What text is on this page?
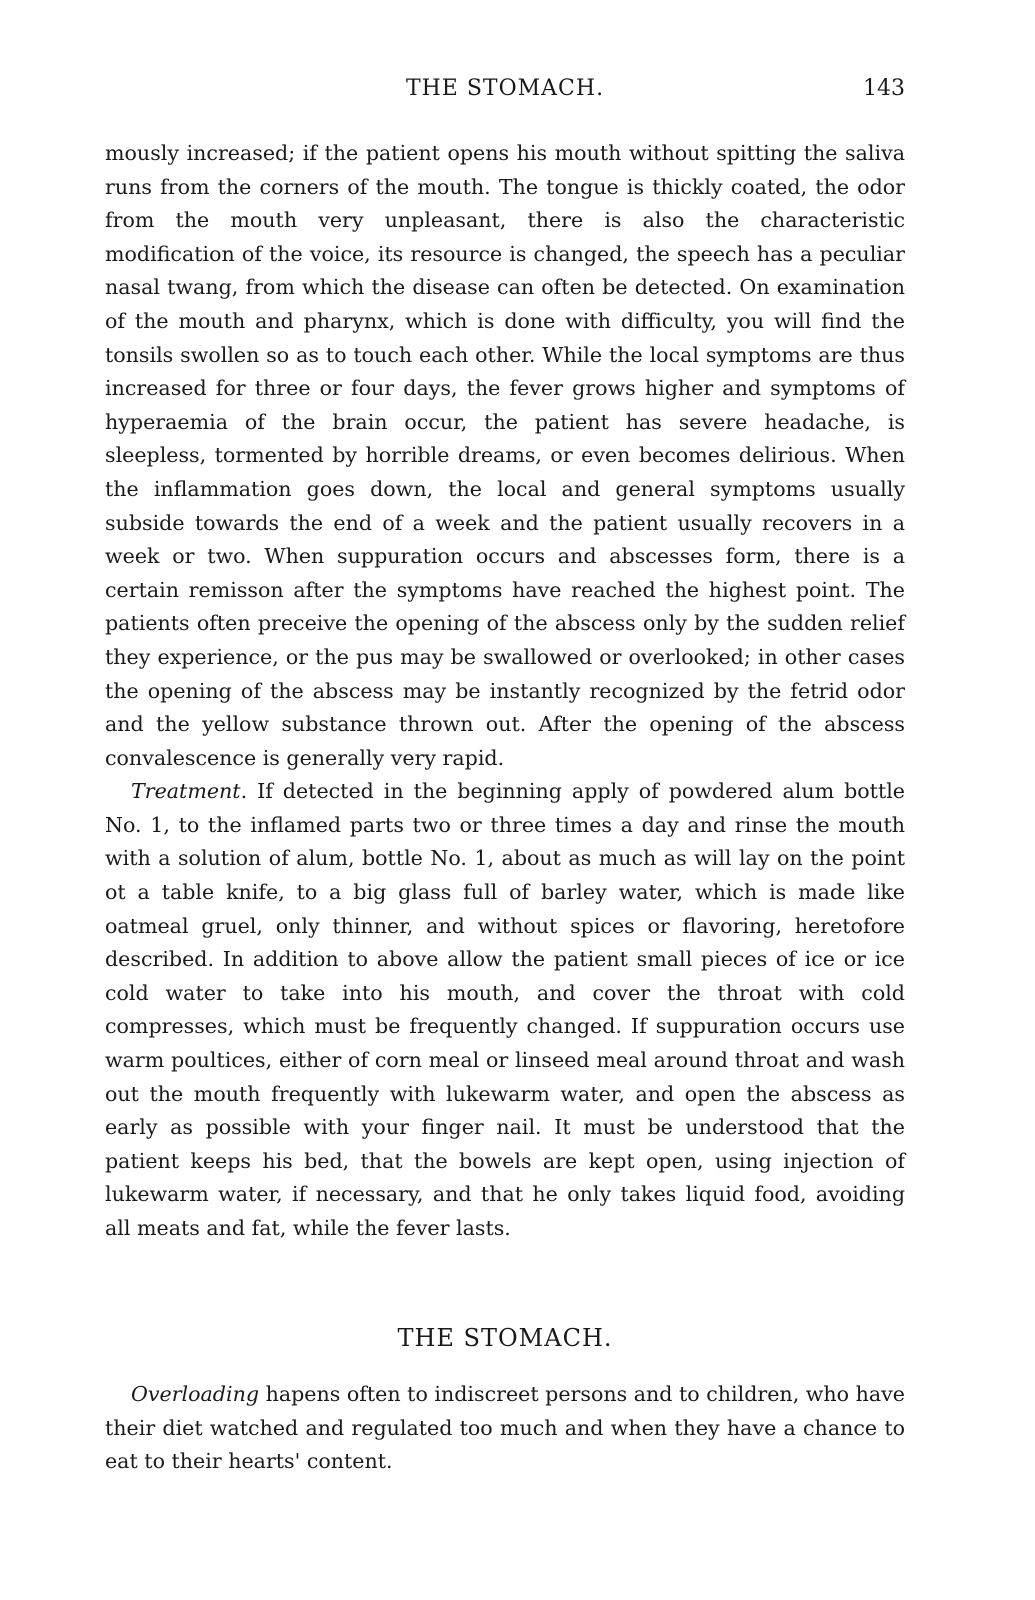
THE STOMACH.	143

mously increased; if the patient opens his mouth without spitting the saliva runs from the corners of the mouth. The tongue is thickly coated, the odor from the mouth very unpleasant, there is also the characteristic modification of the voice, its resource is changed, the speech has a peculiar nasal twang, from which the disease can often be detected. On examination of the mouth and pharynx, which is done with difficulty, you will find the tonsils swollen so as to touch each other. While the local symptoms are thus increased for three or four days, the fever grows higher and symptoms of hyperaemia of the brain occur, the patient has severe headache, is sleepless, tormented by horrible dreams, or even becomes delirious. When the inflammation goes down, the local and general symptoms usually subside towards the end of a week and the patient usually recovers in a week or two. When suppuration occurs and abscesses form, there is a certain remisson after the symptoms have reached the highest point. The patients often preceive the opening of the abscess only by the sudden relief they experience, or the pus may be swallowed or overlooked; in other cases the opening of the abscess may be instantly recognized by the fetrid odor and the yellow substance thrown out. After the opening of the abscess convalescence is generally very rapid.

Treatment. If detected in the beginning apply of powdered alum bottle No. 1, to the inflamed parts two or three times a day and rinse the mouth with a solution of alum, bottle No. 1, about as much as will lay on the point ot a table knife, to a big glass full of barley water, which is made like oatmeal gruel, only thinner, and without spices or flavoring, heretofore described. In addition to above allow the patient small pieces of ice or ice cold water to take into his mouth, and cover the throat with cold compresses, which must be frequently changed. If suppuration occurs use warm poultices, either of corn meal or linseed meal around throat and wash out the mouth frequently with lukewarm water, and open the abscess as early as possible with your finger nail. It must be understood that the patient keeps his bed, that the bowels are kept open, using injection of lukewarm water, if necessary, and that he only takes liquid food, avoiding all meats and fat, while the fever lasts.

THE STOMACH.

Overloading hapens often to indiscreet persons and to children, who have their diet watched and regulated too much and when they have a chance to eat to their hearts' content.
